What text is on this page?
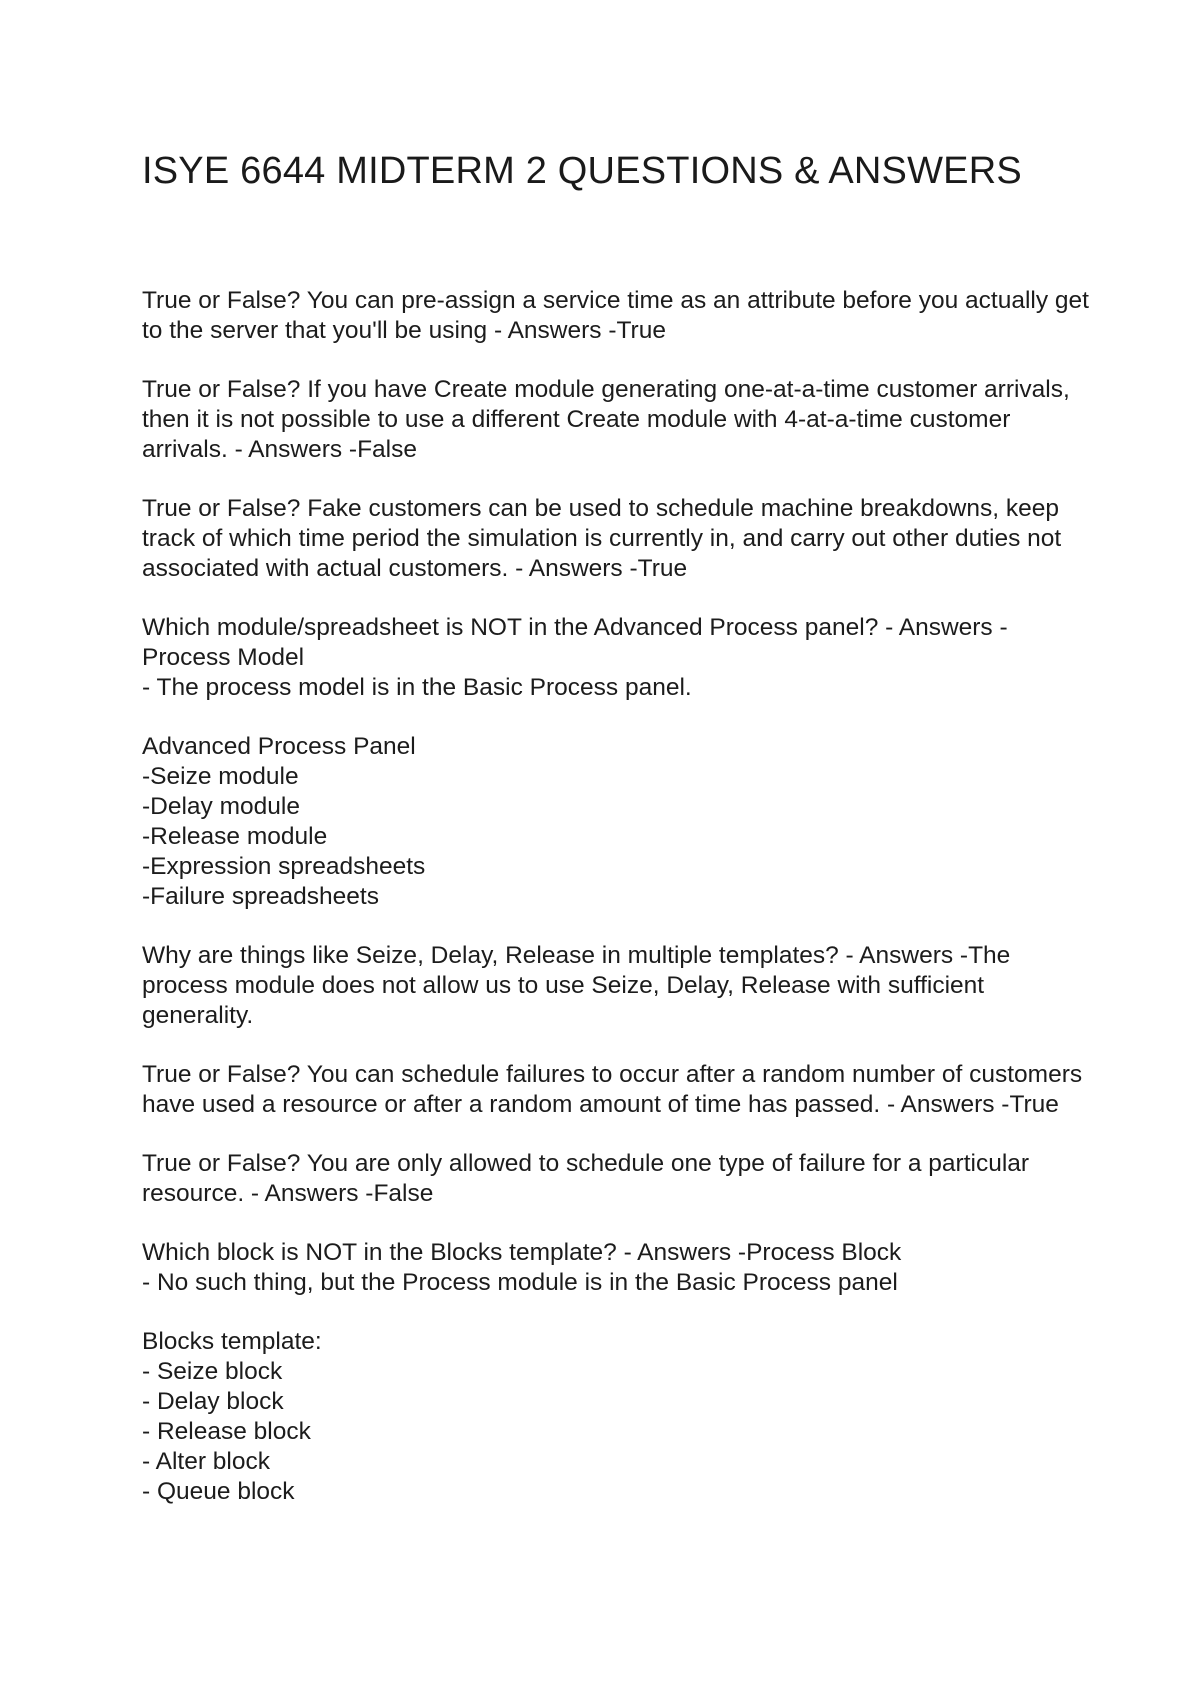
ISYE 6644 MIDTERM 2 QUESTIONS & ANSWERS
True or False? You can pre-assign a service time as an attribute before you actually get
to the server that you'll be using - Answers -True
True or False? If you have Create module generating one-at-a-time customer arrivals,
then it is not possible to use a different Create module with 4-at-a-time customer
arrivals. - Answers -False
True or False? Fake customers can be used to schedule machine breakdowns, keep
track of which time period the simulation is currently in, and carry out other duties not
associated with actual customers. - Answers -True
Which module/spreadsheet is NOT in the Advanced Process panel? - Answers -
Process Model
- The process model is in the Basic Process panel.
Advanced Process Panel
-Seize module
-Delay module
-Release module
-Expression spreadsheets
-Failure spreadsheets
Why are things like Seize, Delay, Release in multiple templates? - Answers -The
process module does not allow us to use Seize, Delay, Release with sufficient
generality.
True or False? You can schedule failures to occur after a random number of customers
have used a resource or after a random amount of time has passed. - Answers -True
True or False? You are only allowed to schedule one type of failure for a particular
resource. - Answers -False
Which block is NOT in the Blocks template? - Answers -Process Block
- No such thing, but the Process module is in the Basic Process panel
Blocks template:
- Seize block
- Delay block
- Release block
- Alter block
- Queue block
